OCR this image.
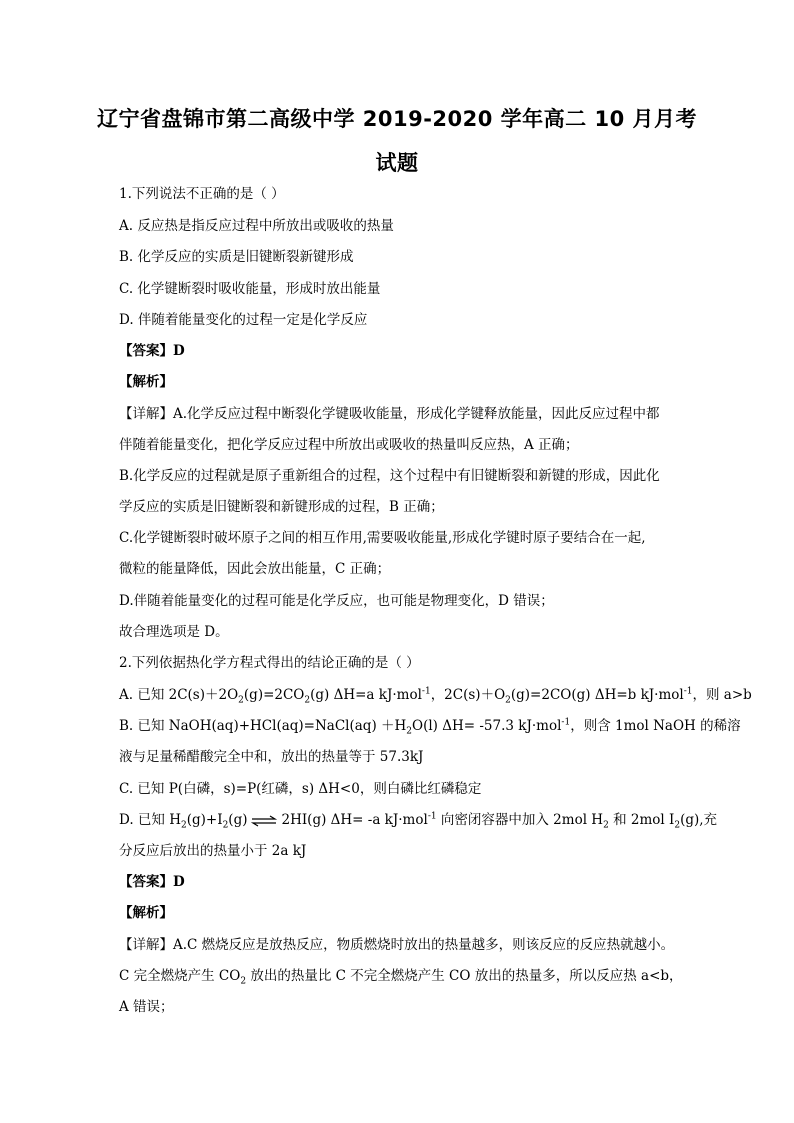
辽宁省盘锦市第二高级中学 2019-2020 学年高二 10 月月考
试题
1.下列说法不正确的是（ ）
A. 反应热是指反应过程中所放出或吸收的热量
B. 化学反应的实质是旧键断裂新键形成
C. 化学键断裂时吸收能量，形成时放出能量
D. 伴随着能量变化的过程一定是化学反应
【答案】D
【解析】
【详解】A.化学反应过程中断裂化学键吸收能量，形成化学键释放能量，因此反应过程中都
伴随着能量变化，把化学反应过程中所放出或吸收的热量叫反应热，A 正确；
B.化学反应的过程就是原子重新组合的过程，这个过程中有旧键断裂和新键的形成，因此化
学反应的实质是旧键断裂和新键形成的过程，B 正确；
C.化学键断裂时破坏原子之间的相互作用,需要吸收能量,形成化学键时原子要结合在一起,
微粒的能量降低，因此会放出能量，C 正确；
D.伴随着能量变化的过程可能是化学反应，也可能是物理变化，D 错误；
故合理选项是 D。
2.下列依据热化学方程式得出的结论正确的是（ ）
A. 已知 $2C(s)+2O_2(g)=2CO_2(g)$ ΔH=a kJ·mol$^{-1}$，$2C(s)+O_2(g)=2CO(g)$ ΔH=b kJ·mol$^{-1}$，则 a>b
B. 已知 NaOH(aq)+HCl(aq)=NaCl(aq) $+H_2O(l)$ ΔH= -57.3 kJ·mol$^{-1}$，则含 1mol NaOH 的稀溶
液与足量稀醋酸完全中和，放出的热量等于 57.3kJ
C. 已知 P(白磷，s)=P(红磷，s) ΔH<0，则白磷比红磷稳定
D. 已知 $H_2(g)+I_2(g)$ ⇌ 2HI(g) ΔH= -a kJ·mol$^{-1}$ 向密闭容器中加入 2mol $H_2$ 和 2mol $I_2(g)$,充
分反应后放出的热量小于 2a kJ
【答案】D
【解析】
【详解】A.C 燃烧反应是放热反应，物质燃烧时放出的热量越多，则该反应的反应热就越小。
C 完全燃烧产生 $CO_2$ 放出的热量比 C 不完全燃烧产生 CO 放出的热量多，所以反应热 a<b，
A 错误；
